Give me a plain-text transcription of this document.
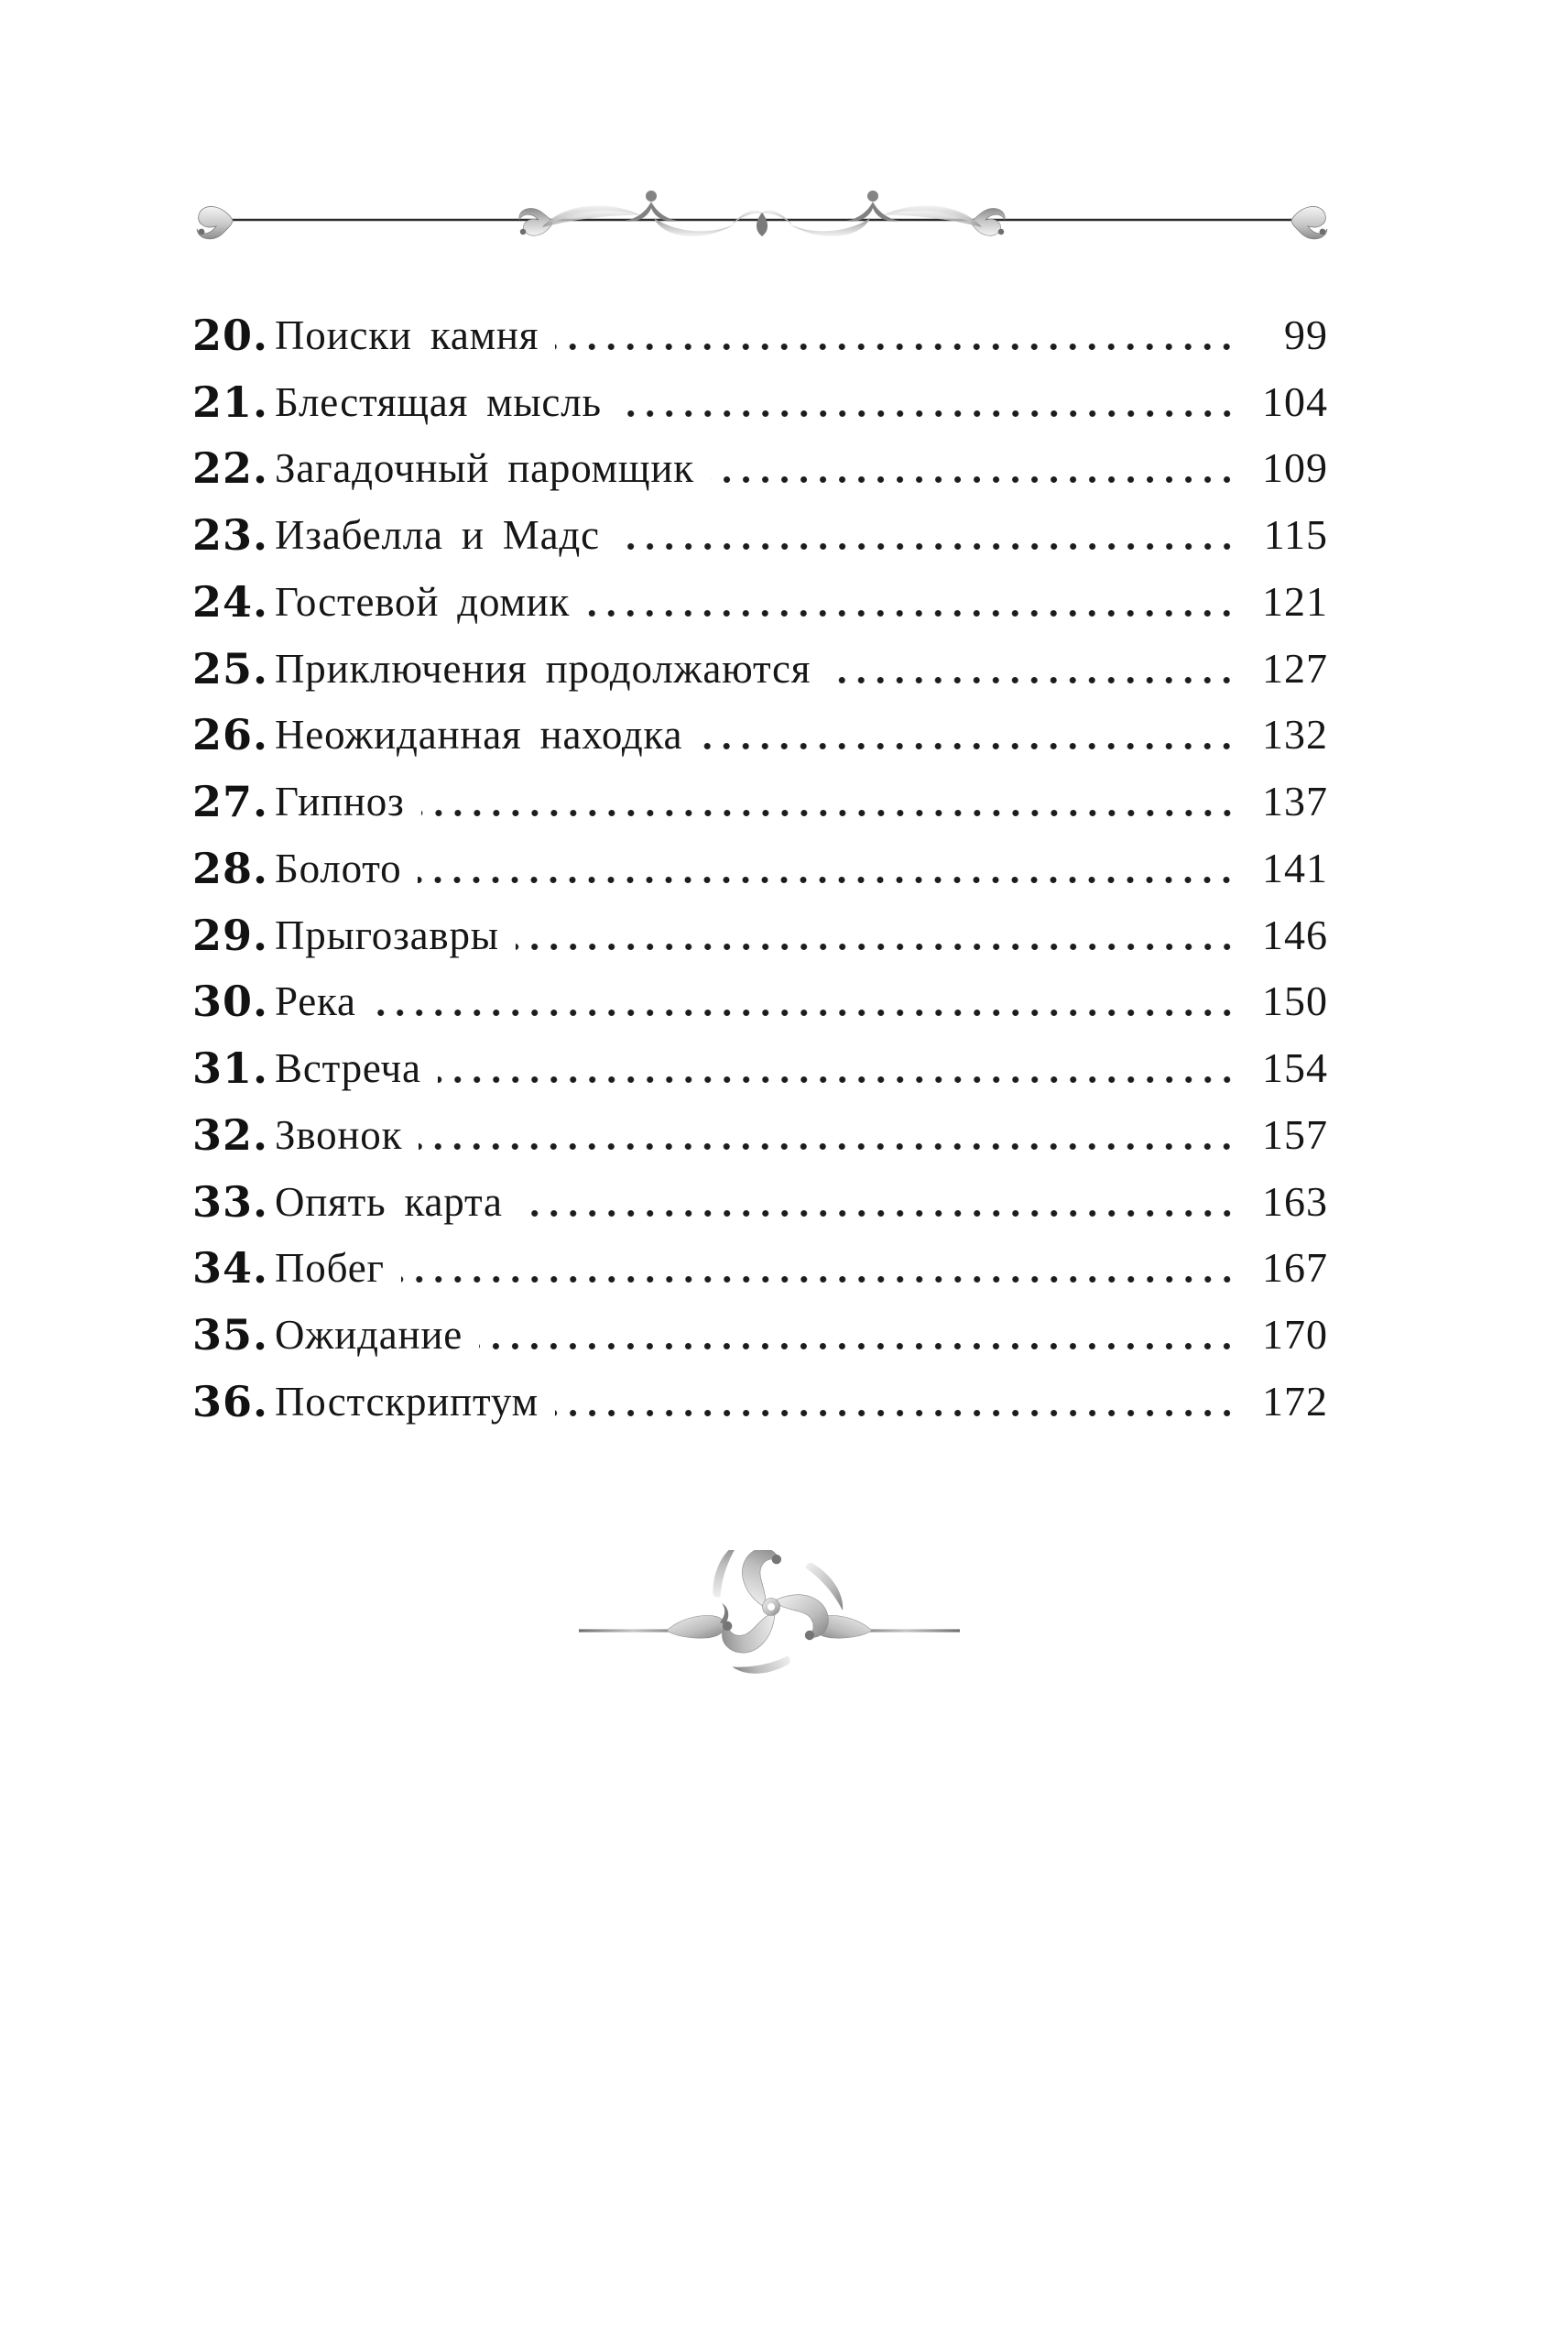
20. Поиски камня	99
21. Блестящая мысль	104
22. Загадочный паромщик	109
23. Изабелла и Мадс	115
24. Гостевой домик	121
25. Приключения продолжаются	127
26. Неожиданная находка	132
27. Гипноз	137
28. Болото	141
29. Прыгозавры	146
30. Река	150
31. Встреча	154
32. Звонок	157
33. Опять карта	163
34. Побег	167
35. Ожидание	170
36. Постскриптум	172
